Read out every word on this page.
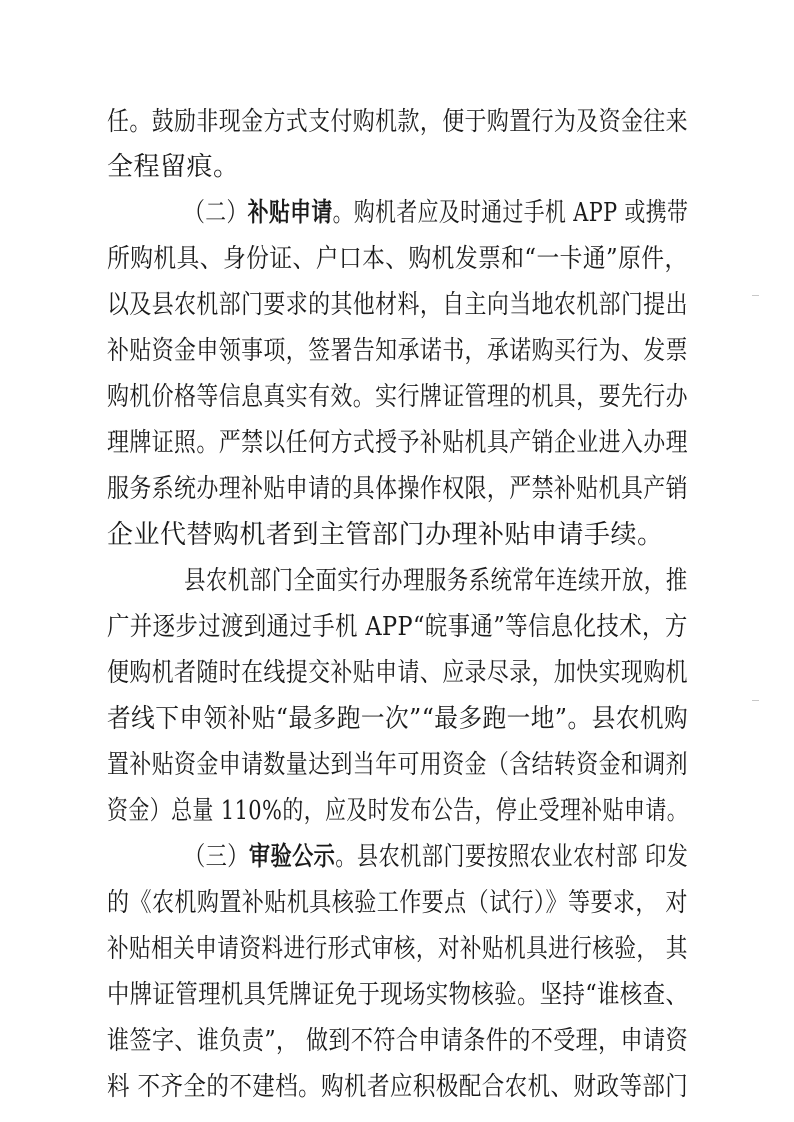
任。鼓励非现金方式支付购机款，便于购置行为及资金往来
全程留痕。
（二）补贴申请。购机者应及时通过手机 APP 或携带
所购机具、身份证、户口本、购机发票和“一卡通”原件，
以及县农机部门要求的其他材料，自主向当地农机部门提出
补贴资金申领事项，签署告知承诺书，承诺购买行为、发票
购机价格等信息真实有效。实行牌证管理的机具，要先行办
理牌证照。严禁以任何方式授予补贴机具产销企业进入办理
服务系统办理补贴申请的具体操作权限，严禁补贴机具产销
企业代替购机者到主管部门办理补贴申请手续。
县农机部门全面实行办理服务系统常年连续开放，推
广并逐步过渡到通过手机 APP“皖事通”等信息化技术，方
便购机者随时在线提交补贴申请、应录尽录，加快实现购机
者线下申领补贴“最多跑一次”“最多跑一地”。县农机购
置补贴资金申请数量达到当年可用资金（含结转资金和调剂
资金）总量 110%的，应及时发布公告，停止受理补贴申请。
（三）审验公示。县农机部门要按照农业农村部 印发
的《农机购置补贴机具核验工作要点（试行）》等要求， 对
补贴相关申请资料进行形式审核，对补贴机具进行核验， 其
中牌证管理机具凭牌证免于现场实物核验。坚持“谁核查、
谁签字、谁负责”， 做到不符合申请条件的不受理，申请资
料 不齐全的不建档。购机者应积极配合农机、财政等部门
